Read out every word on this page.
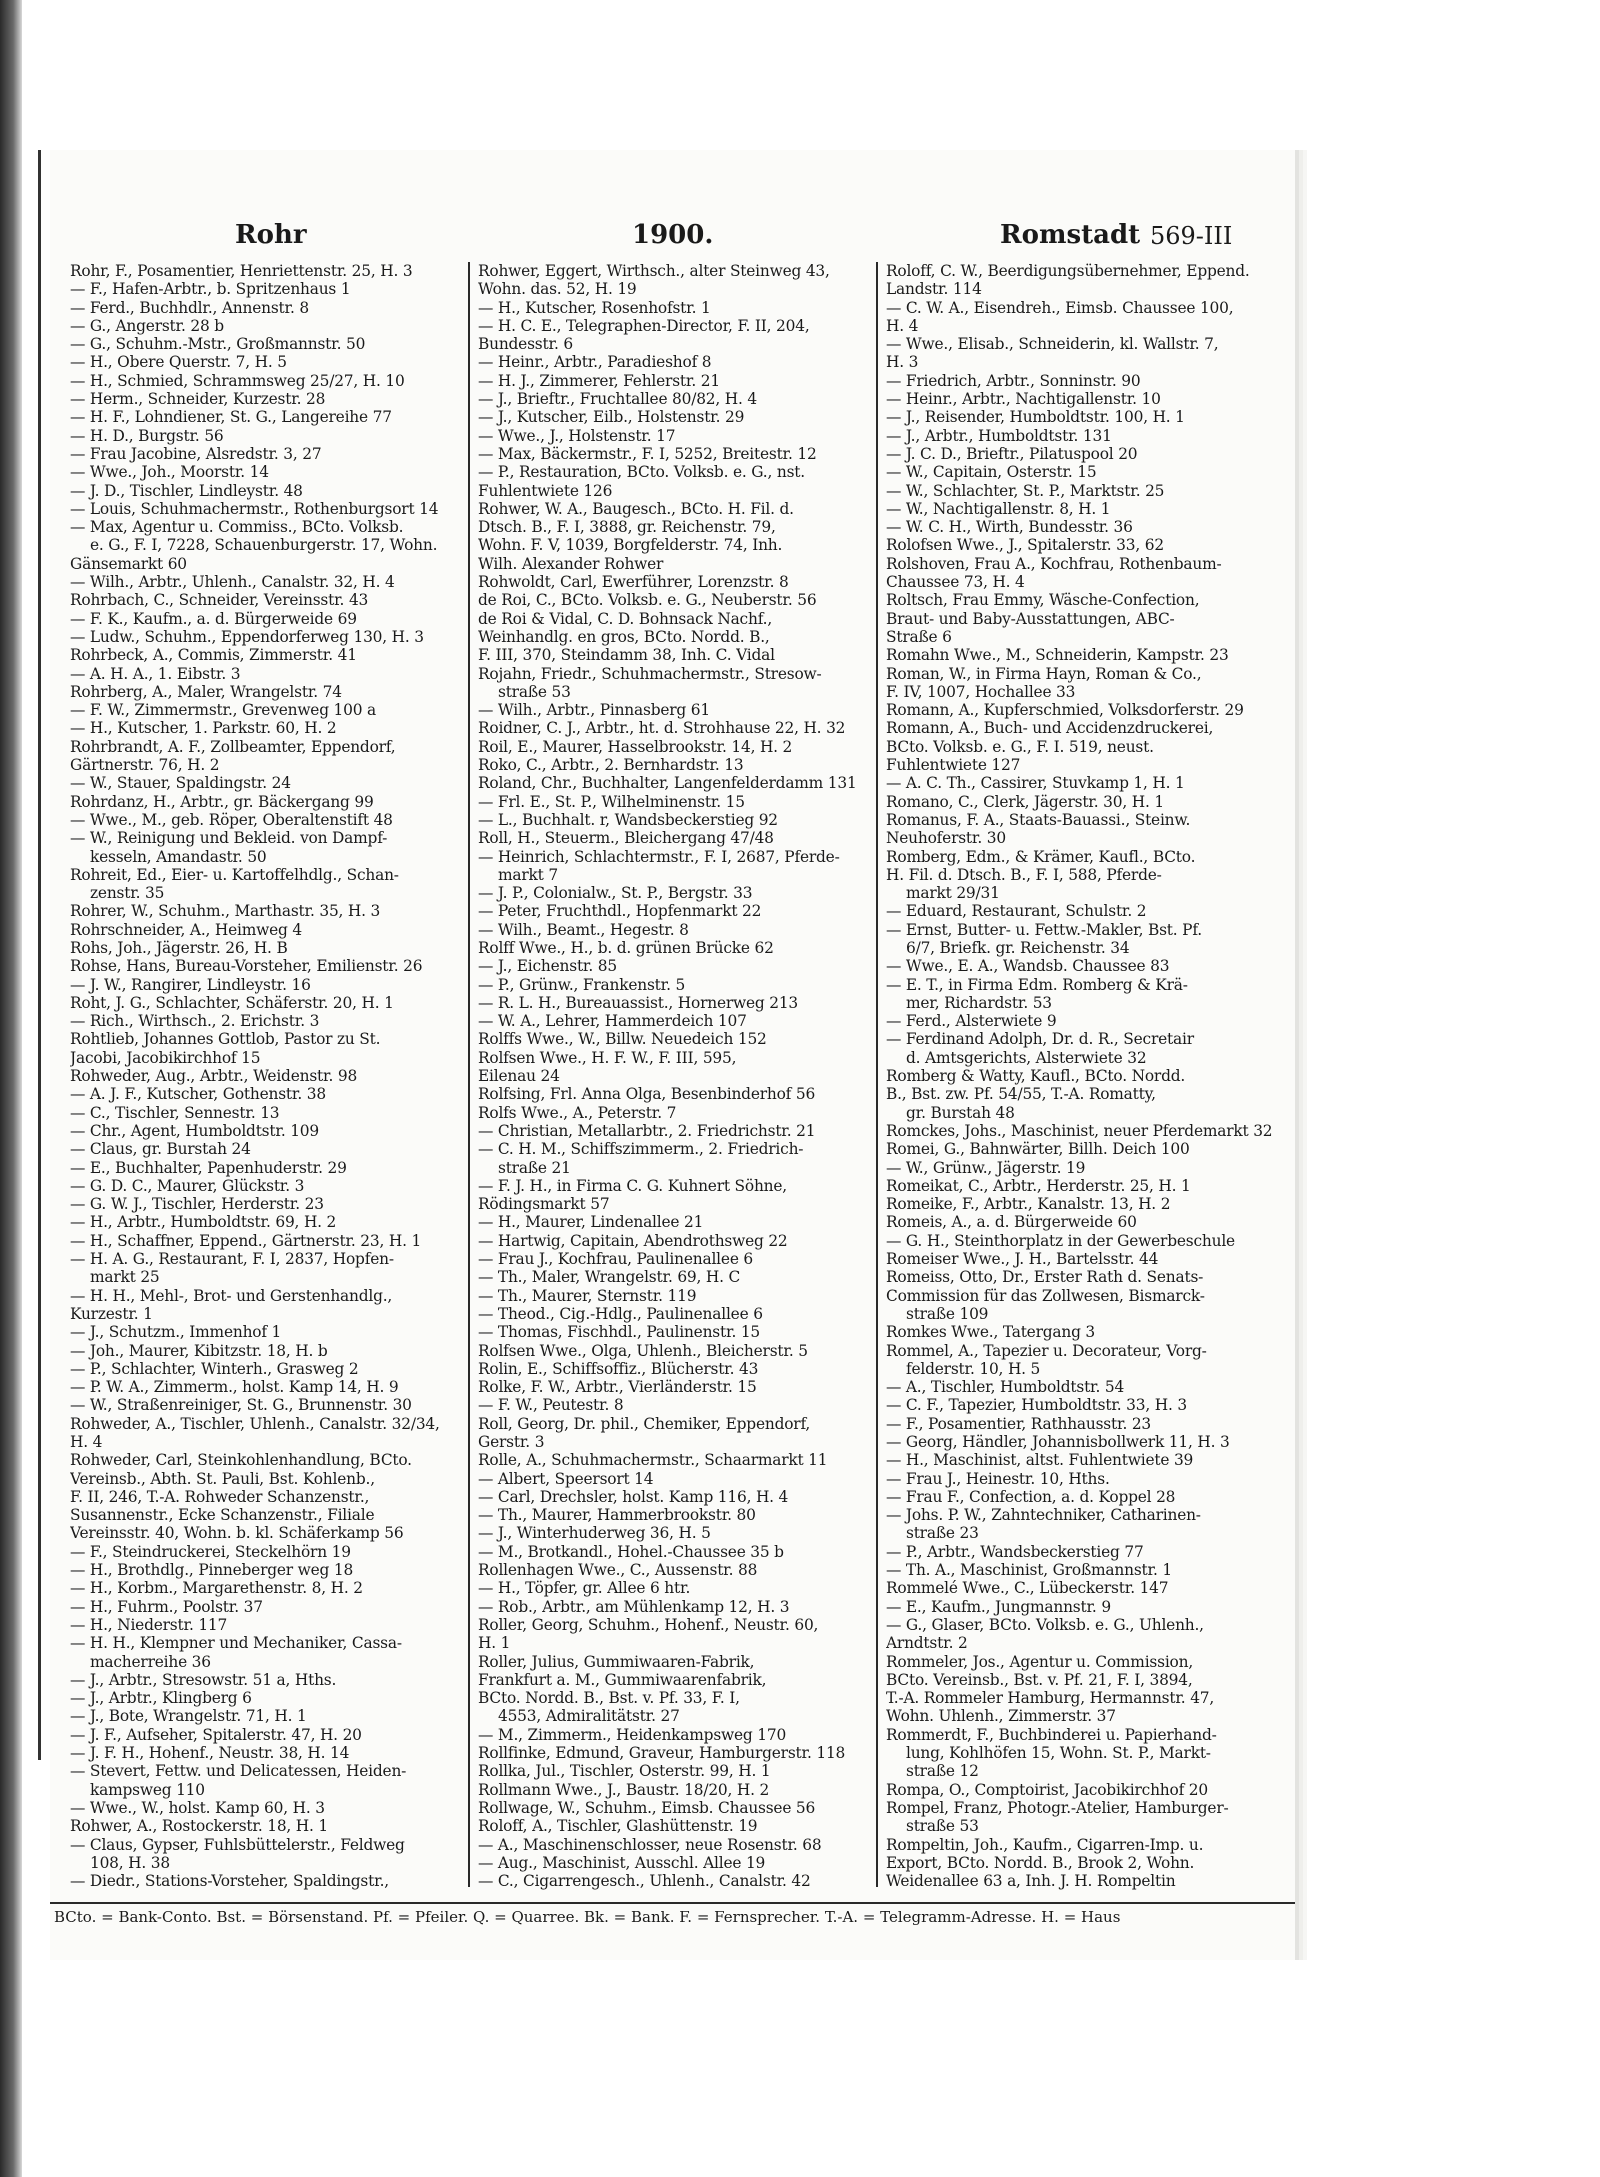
Rohr	1900.	Romstadt 569-III
Rohr, F., Posamentier, Henriettenstr. 25, H. 3
— F., Hafen-Arbtr., b. Spritzenhaus 1
— Ferd., Buchhdlr., Annenstr. 8
— G., Angerstr. 28 b
— G., Schuhm.-Mstr., Großmannstr. 50
— H., Obere Querstr. 7, H. 5
— H., Schmied, Schrammsweg 25/27, H. 10
— Herm., Schneider, Kurzestr. 28
— H. F., Lohndiener, St. G., Langereihe 77
— H. D., Burgstr. 56
— Frau Jacobine, Alsredstr. 3, 27
— Wwe., Joh., Moorstr. 14
— J. D., Tischler, Lindleystr. 48
— Louis, Schuhmachermstr., Rothenburgsort 14
— Max, Agentur u. Commiss., BCto. Volksb.
e. G., F. I, 7228, Schauenburgerstr. 17, Wohn.
Gänsemarkt 60
— Wilh., Arbtr., Uhlenh., Canalstr. 32, H. 4
Rohrbach, C., Schneider, Vereinsstr. 43
— F. K., Kaufm., a. d. Bürgerweide 69
— Ludw., Schuhm., Eppendorferweg 130, H. 3
Rohrbeck, A., Commis, Zimmerstr. 41
— A. H. A., 1. Eibstr. 3
Rohrberg, A., Maler, Wrangelstr. 74
— F. W., Zimmermstr., Grevenweg 100 a
— H., Kutscher, 1. Parkstr. 60, H. 2
Rohrbrandt, A. F., Zollbeamter, Eppendorf,
Gärtnerstr. 76, H. 2
— W., Stauer, Spaldingstr. 24
Rohrdanz, H., Arbtr., gr. Bäckergang 99
— Wwe., M., geb. Röper, Oberaltenstift 48
— W., Reinigung und Bekleid. von Dampf-
kesseln, Amandastr. 50
Rohreit, Ed., Eier- u. Kartoffelhdlg., Schan-
zenstr. 35
Rohrer, W., Schuhm., Marthastr. 35, H. 3
Rohrschneider, A., Heimweg 4
Rohs, Joh., Jägerstr. 26, H. B
Rohse, Hans, Bureau-Vorsteher, Emilienstr. 26
— J. W., Rangirer, Lindleystr. 16
Roht, J. G., Schlachter, Schäferstr. 20, H. 1
— Rich., Wirthsch., 2. Erichstr. 3
Rohtlieb, Johannes Gottlob, Pastor zu St.
Jacobi, Jacobikirchhof 15
Rohweder, Aug., Arbtr., Weidenstr. 98
— A. J. F., Kutscher, Gothenstr. 38
— C., Tischler, Sennestr. 13
— Chr., Agent, Humboldtstr. 109
— Claus, gr. Burstah 24
— E., Buchhalter, Papenhuderstr. 29
— G. D. C., Maurer, Glückstr. 3
— G. W. J., Tischler, Herderstr. 23
— H., Arbtr., Humboldtstr. 69, H. 2
— H., Schaffner, Eppend., Gärtnerstr. 23, H. 1
— H. A. G., Restaurant, F. I, 2837, Hopfen-
markt 25
— H. H., Mehl-, Brot- und Gerstenhandlg.,
Kurzestr. 1
— J., Schutzm., Immenhof 1
— Joh., Maurer, Kibitzstr. 18, H. b
— P., Schlachter, Winterh., Grasweg 2
— P. W. A., Zimmerm., holst. Kamp 14, H. 9
— W., Straßenreiniger, St. G., Brunnenstr. 30
Rohweder, A., Tischler, Uhlenh., Canalstr. 32/34,
H. 4
Rohweder, Carl, Steinkohlenhandlung, BCto.
Vereinsb., Abth. St. Pauli, Bst. Kohlenb.,
F. II, 246, T.-A. Rohweder Schanzenstr.,
Susannenstr., Ecke Schanzenstr., Filiale
Vereinsstr. 40, Wohn. b. kl. Schäferkamp 56
— F., Steindruckerei, Steckelhörn 19
— H., Brothdlg., Pinneberger weg 18
— H., Korbm., Margarethenstr. 8, H. 2
— H., Fuhrm., Poolstr. 37
— H., Niederstr. 117
— H. H., Klempner und Mechaniker, Cassa-
macherreihe 36
— J., Arbtr., Stresowstr. 51 a, Hths.
— J., Arbtr., Klingberg 6
— J., Bote, Wrangelstr. 71, H. 1
— J. F., Aufseher, Spitalerstr. 47, H. 20
— J. F. H., Hohenf., Neustr. 38, H. 14
— Stevert, Fettw. und Delicatessen, Heiden-
kampsweg 110
— Wwe., W., holst. Kamp 60, H. 3
Rohwer, A., Rostockerstr. 18, H. 1
— Claus, Gypser, Fuhlsbüttelerstr., Feldweg
108, H. 38
— Diedr., Stations-Vorsteher, Spaldingstr.,
Rohwer, Eggert, Wirthsch., alter Steinweg 43,
Wohn. das. 52, H. 19
— H., Kutscher, Rosenhofstr. 1
— H. C. E., Telegraphen-Director, F. II, 204,
Bundesstr. 6
— Heinr., Arbtr., Paradieshof 8
— H. J., Zimmerer, Fehlerstr. 21
— J., Brieftr., Fruchtallee 80/82, H. 4
— J., Kutscher, Eilb., Holstenstr. 29
— Wwe., J., Holstenstr. 17
— Max, Bäckermstr., F. I, 5252, Breitestr. 12
— P., Restauration, BCto. Volksb. e. G., nst.
Fuhlentwiete 126
Rohwer, W. A., Baugesch., BCto. H. Fil. d.
Dtsch. B., F. I, 3888, gr. Reichenstr. 79,
Wohn. F. V, 1039, Borgfelderstr. 74, Inh.
Wilh. Alexander Rohwer
Rohwoldt, Carl, Ewerführer, Lorenzstr. 8
de Roi, C., BCto. Volksb. e. G., Neuberstr. 56
de Roi & Vidal, C. D. Bohnsack Nachf.,
Weinhandlg. en gros, BCto. Nordd. B.,
F. III, 370, Steindamm 38, Inh. C. Vidal
Rojahn, Friedr., Schuhmachermstr., Stresow-
straße 53
— Wilh., Arbtr., Pinnasberg 61
Roidner, C. J., Arbtr., ht. d. Strohhause 22, H. 32
Roil, E., Maurer, Hasselbrookstr. 14, H. 2
Roko, C., Arbtr., 2. Bernhardstr. 13
Roland, Chr., Buchhalter, Langenfelderdamm 131
— Frl. E., St. P., Wilhelminenstr. 15
— L., Buchhalt. r, Wandsbeckerstieg 92
Roll, H., Steuerm., Bleichergang 47/48
— Heinrich, Schlachtermstr., F. I, 2687, Pferde-
markt 7
— J. P., Colonialw., St. P., Bergstr. 33
— Peter, Fruchthdl., Hopfenmarkt 22
— Wilh., Beamt., Hegestr. 8
Rolff Wwe., H., b. d. grünen Brücke 62
— J., Eichenstr. 85
— P., Grünw., Frankenstr. 5
— R. L. H., Bureauassist., Hornerweg 213
— W. A., Lehrer, Hammerdeich 107
Rolffs Wwe., W., Billw. Neuedeich 152
Rolfsen Wwe., H. F. W., F. III, 595,
Eilenau 24
Rolfsing, Frl. Anna Olga, Besenbinderhof 56
Rolfs Wwe., A., Peterstr. 7
— Christian, Metallarbtr., 2. Friedrichstr. 21
— C. H. M., Schiffszimmerm., 2. Friedrich-
straße 21
— F. J. H., in Firma C. G. Kuhnert Söhne,
Rödingsmarkt 57
— H., Maurer, Lindenallee 21
— Hartwig, Capitain, Abendrothsweg 22
— Frau J., Kochfrau, Paulinenallee 6
— Th., Maler, Wrangelstr. 69, H. C
— Th., Maurer, Sternstr. 119
— Theod., Cig.-Hdlg., Paulinenallee 6
— Thomas, Fischhdl., Paulinenstr. 15
Rolfsen Wwe., Olga, Uhlenh., Bleicherstr. 5
Rolin, E., Schiffsoffiz., Blücherstr. 43
Rolke, F. W., Arbtr., Vierländerstr. 15
— F. W., Peutestr. 8
Roll, Georg, Dr. phil., Chemiker, Eppendorf,
Gerstr. 3
Rolle, A., Schuhmachermstr., Schaarmarkt 11
— Albert, Speersort 14
— Carl, Drechsler, holst. Kamp 116, H. 4
— Th., Maurer, Hammerbrookstr. 80
— J., Winterhuderweg 36, H. 5
— M., Brotkandl., Hohel.-Chaussee 35 b
Rollenhagen Wwe., C., Aussenstr. 88
— H., Töpfer, gr. Allee 6 htr.
— Rob., Arbtr., am Mühlenkamp 12, H. 3
Roller, Georg, Schuhm., Hohenf., Neustr. 60,
H. 1
Roller, Julius, Gummiwaaren-Fabrik,
Frankfurt a. M., Gummiwaarenfabrik,
BCto. Nordd. B., Bst. v. Pf. 33, F. I,
4553, Admiralitätstr. 27
— M., Zimmerm., Heidenkampsweg 170
Rollfinke, Edmund, Graveur, Hamburgerstr. 118
Rollka, Jul., Tischler, Osterstr. 99, H. 1
Rollmann Wwe., J., Baustr. 18/20, H. 2
Rollwage, W., Schuhm., Eimsb. Chaussee 56
Roloff, A., Tischler, Glashüttenstr. 19
— A., Maschinenschlosser, neue Rosenstr. 68
— Aug., Maschinist, Ausschl. Allee 19
— C., Cigarrengesch., Uhlenh., Canalstr. 42
Roloff, C. W., Beerdigungsübernehmer, Eppend.
Landstr. 114
— C. W. A., Eisendreh., Eimsb. Chaussee 100,
H. 4
— Wwe., Elisab., Schneiderin, kl. Wallstr. 7,
H. 3
— Friedrich, Arbtr., Sonninstr. 90
— Heinr., Arbtr., Nachtigallenstr. 10
— J., Reisender, Humboldtstr. 100, H. 1
— J., Arbtr., Humboldtstr. 131
— J. C. D., Brieftr., Pilatuspool 20
— W., Capitain, Osterstr. 15
— W., Schlachter, St. P., Marktstr. 25
— W., Nachtigallenstr. 8, H. 1
— W. C. H., Wirth, Bundesstr. 36
Rolofsen Wwe., J., Spitalerstr. 33, 62
Rolshoven, Frau A., Kochfrau, Rothenbaum-
Chaussee 73, H. 4
Roltsch, Frau Emmy, Wäsche-Confection,
Braut- und Baby-Ausstattungen, ABC-
Straße 6
Romahn Wwe., M., Schneiderin, Kampstr. 23
Roman, W., in Firma Hayn, Roman & Co.,
F. IV, 1007, Hochallee 33
Romann, A., Kupferschmied, Volksdorferstr. 29
Romann, A., Buch- und Accidenzdruckerei,
BCto. Volksb. e. G., F. I. 519, neust.
Fuhlentwiete 127
— A. C. Th., Cassirer, Stuvkamp 1, H. 1
Romano, C., Clerk, Jägerstr. 30, H. 1
Romanus, F. A., Staats-Bauassi., Steinw.
Neuhoferstr. 30
Romberg, Edm., & Krämer, Kaufl., BCto.
H. Fil. d. Dtsch. B., F. I, 588, Pferde-
markt 29/31
— Eduard, Restaurant, Schulstr. 2
— Ernst, Butter- u. Fettw.-Makler, Bst. Pf.
6/7, Briefk. gr. Reichenstr. 34
— Wwe., E. A., Wandsb. Chaussee 83
— E. T., in Firma Edm. Romberg & Krä-
mer, Richardstr. 53
— Ferd., Alsterwiete 9
— Ferdinand Adolph, Dr. d. R., Secretair
d. Amtsgerichts, Alsterwiete 32
Romberg & Watty, Kaufl., BCto. Nordd.
B., Bst. zw. Pf. 54/55, T.-A. Romatty,
gr. Burstah 48
Romckes, Johs., Maschinist, neuer Pferdemarkt 32
Romei, G., Bahnwärter, Billh. Deich 100
— W., Grünw., Jägerstr. 19
Romeikat, C., Arbtr., Herderstr. 25, H. 1
Romeike, F., Arbtr., Kanalstr. 13, H. 2
Romeis, A., a. d. Bürgerweide 60
— G. H., Steinthorplatz in der Gewerbeschule
Romeiser Wwe., J. H., Bartelsstr. 44
Romeiss, Otto, Dr., Erster Rath d. Senats-
Commission für das Zollwesen, Bismarck-
straße 109
Romkes Wwe., Tatergang 3
Rommel, A., Tapezier u. Decorateur, Vorg-
felderstr. 10, H. 5
— A., Tischler, Humboldtstr. 54
— C. F., Tapezier, Humboldtstr. 33, H. 3
— F., Posamentier, Rathhausstr. 23
— Georg, Händler, Johannisbollwerk 11, H. 3
— H., Maschinist, altst. Fuhlentwiete 39
— Frau J., Heinestr. 10, Hths.
— Frau F., Confection, a. d. Koppel 28
— Johs. P. W., Zahntechniker, Catharinen-
straße 23
— P., Arbtr., Wandsbeckerstieg 77
— Th. A., Maschinist, Großmannstr. 1
Rommelé Wwe., C., Lübeckerstr. 147
— E., Kaufm., Jungmannstr. 9
— G., Glaser, BCto. Volksb. e. G., Uhlenh.,
Arndtstr. 2
Rommeler, Jos., Agentur u. Commission,
BCto. Vereinsb., Bst. v. Pf. 21, F. I, 3894,
T.-A. Rommeler Hamburg, Hermannstr. 47,
Wohn. Uhlenh., Zimmerstr. 37
Rommerdt, F., Buchbinderei u. Papierhand-
lung, Kohlhöfen 15, Wohn. St. P., Markt-
straße 12
Rompa, O., Comptoirist, Jacobikirchhof 20
Rompel, Franz, Photogr.-Atelier, Hamburger-
straße 53
Rompeltin, Joh., Kaufm., Cigarren-Imp. u.
Export, BCto. Nordd. B., Brook 2, Wohn.
Weidenallee 63 a, Inh. J. H. Rompeltin
BCto. = Bank-Conto. Bst. = Börsenstand. Pf. = Pfeiler. Q. = Quarree. Bk. = Bank. F. = Fernsprecher. T.-A. = Telegramm-Adresse. H. = Haus
